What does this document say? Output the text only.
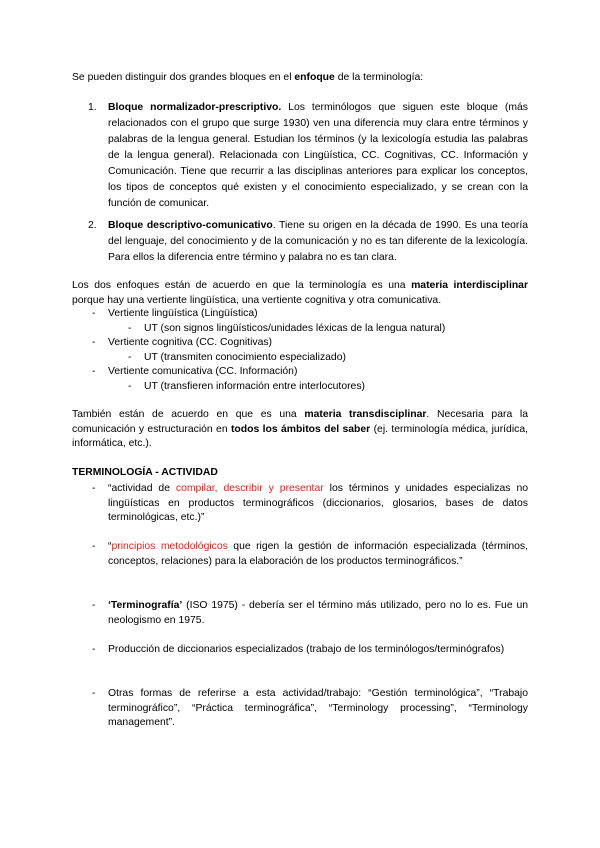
Se pueden distinguir dos grandes bloques en el enfoque de la terminología:

1. Bloque normalizador-prescriptivo. Los terminólogos que siguen este bloque (más relacionados con el grupo que surge 1930) ven una diferencia muy clara entre términos y palabras de la lengua general. Estudian los términos (y la lexicología estudia las palabras de la lengua general). Relacionada con Lingüística, CC. Cognitivas, CC. Información y Comunicación. Tiene que recurrir a las disciplinas anteriores para explicar los conceptos, los tipos de conceptos qué existen y el conocimiento especializado, y se crean con la función de comunicar.

2. Bloque descriptivo-comunicativo. Tiene su origen en la década de 1990. Es una teoría del lenguaje, del conocimiento y de la comunicación y no es tan diferente de la lexicología. Para ellos la diferencia entre término y palabra no es tan clara.

Los dos enfoques están de acuerdo en que la terminología es una materia interdisciplinar porque hay una vertiente lingüística, una vertiente cognitiva y otra comunicativa.

- Vertiente lingüística (Lingüística)

- UT (son signos lingüísticos/unidades léxicas de la lengua natural)

- Vertiente cognitiva (CC. Cognitivas)

- UT (transmiten conocimiento especializado)

- Vertiente comunicativa (CC. Información)

- UT (transfieren información entre interlocutores)

También están de acuerdo en que es una materia transdisciplinar. Necesaria para la comunicación y estructuración en todos los ámbitos del saber (ej. terminología médica, jurídica, informática, etc.).

TERMINOLOGÍA - ACTIVIDAD
- “actividad de compilar, describir y presentar los términos y unidades especializas no lingüísticas en productos terminográficos (diccionarios, glosarios, bases de datos terminológicas, etc.)”

- “principios metodológicos que rigen la gestión de información especializada (términos, conceptos, relaciones) para la elaboración de los productos terminográficos.”

- ‘Terminografía’ (ISO 1975) - debería ser el término más utilizado, pero no lo es. Fue un neologismo en 1975.

- Producción de diccionarios especializados (trabajo de los terminólogos/terminógrafos)

- Otras formas de referirse a esta actividad/trabajo: “Gestión terminológica”, “Trabajo terminográfico”, “Práctica terminográfica”, “Terminology processing”, “Terminology management”.
